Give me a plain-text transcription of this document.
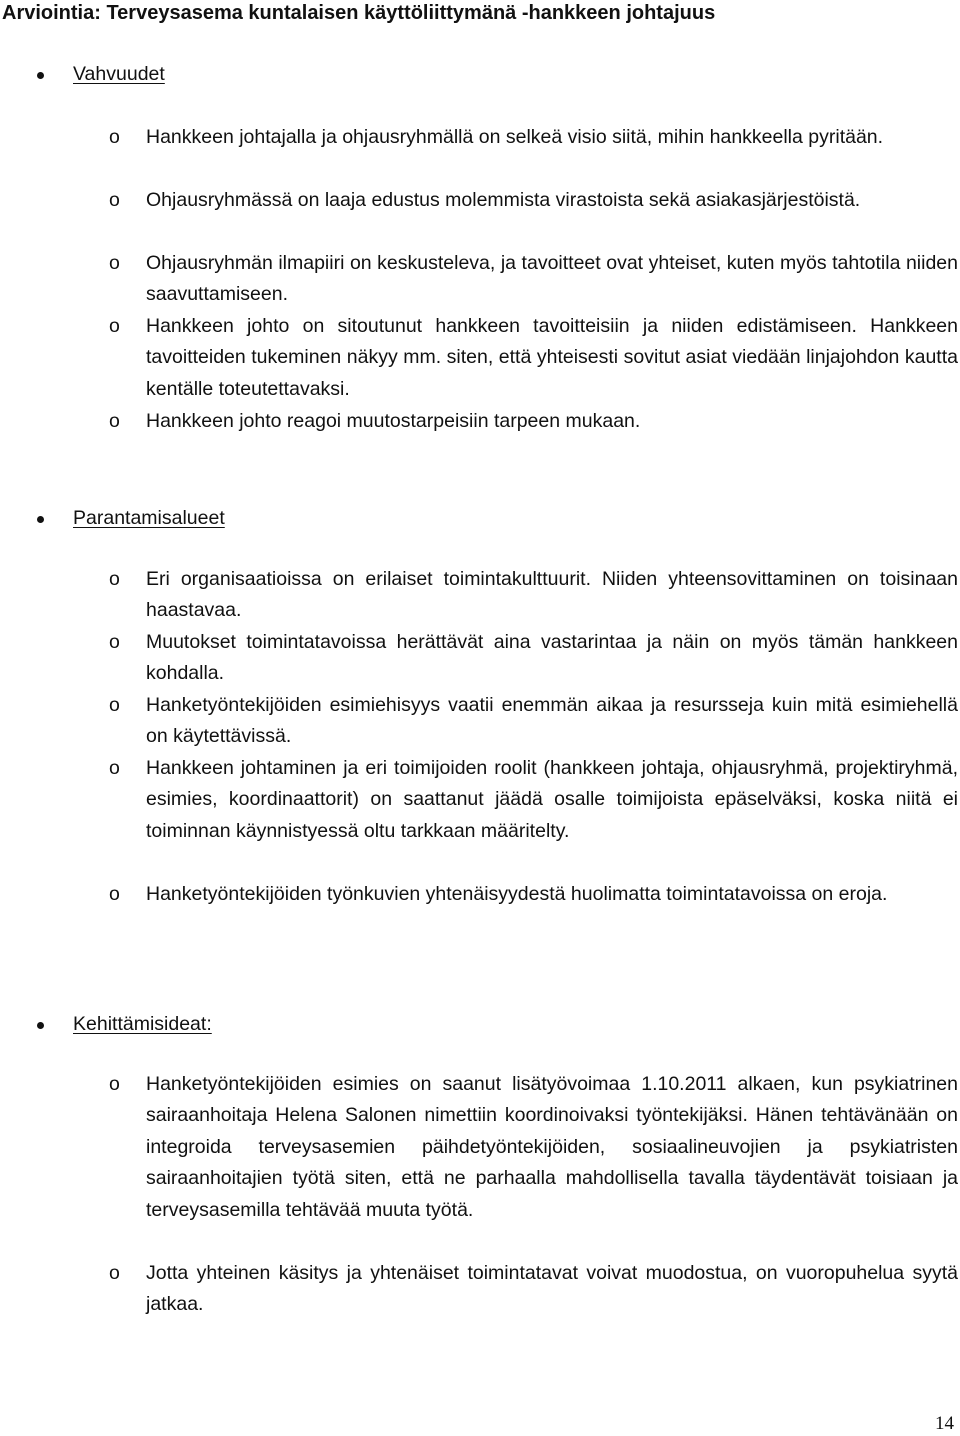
Arviointia: Terveysasema kuntalaisen käyttöliittymänä -hankkeen johtajuus
Vahvuudet
o Hankkeen johtajalla ja ohjausryhmällä on selkeä visio siitä, mihin hankkeella pyritään.
o Ohjausryhmässä on laaja edustus molemmista virastoista sekä asiakasjärjestöistä.
o Ohjausryhmän ilmapiiri on keskusteleva, ja tavoitteet ovat yhteiset, kuten myös tahtotila niiden saavuttamiseen.
o Hankkeen johto on sitoutunut hankkeen tavoitteisiin ja niiden edistämiseen. Hankkeen tavoitteiden tukeminen näkyy mm. siten, että yhteisesti sovitut asiat viedään linjajohdon kautta kentälle toteutettavaksi.
o Hankkeen johto reagoi muutostarpeisiin tarpeen mukaan.
Parantamisalueet
o Eri organisaatioissa on erilaiset toimintakulttuurit. Niiden yhteensovittaminen on toisinaan haastavaa.
o Muutokset toimintatavoissa herättävät aina vastarintaa ja näin on myös tämän hankkeen kohdalla.
o Hanketyöntekijöiden esimiehisyys vaatii enemmän aikaa ja resursseja kuin mitä esimiehellä on käytettävissä.
o Hankkeen johtaminen ja eri toimijoiden roolit (hankkeen johtaja, ohjausryhmä, projektiryhmä, esimies, koordinaattorit) on saattanut jäädä osalle toimijoista epäselväksi, koska niitä ei toiminnan käynnistyessä oltu tarkkaan määritelty.
o Hanketyöntekijöiden työnkuvien yhtenäisyydestä huolimatta toimintatavoissa on eroja.
Kehittämisideat:
o Hanketyöntekijöiden esimies on saanut lisätyövoimaa 1.10.2011 alkaen, kun psykiatrinen sairaanhoitaja Helena Salonen nimettiin koordinoivaksi työntekijäksi. Hänen tehtävänään on integroida terveysasemien päihdetyöntekijöiden, sosiaalineuvojien ja psykiatristen sairaanhoitajien työtä siten, että ne parhaalla mahdollisella tavalla täydentävät toisiaan ja terveysasemilla tehtävää muuta työtä.
o Jotta yhteinen käsitys ja yhtenäiset toimintatavat voivat muodostua, on vuoropuhelua syytä jatkaa.
14
